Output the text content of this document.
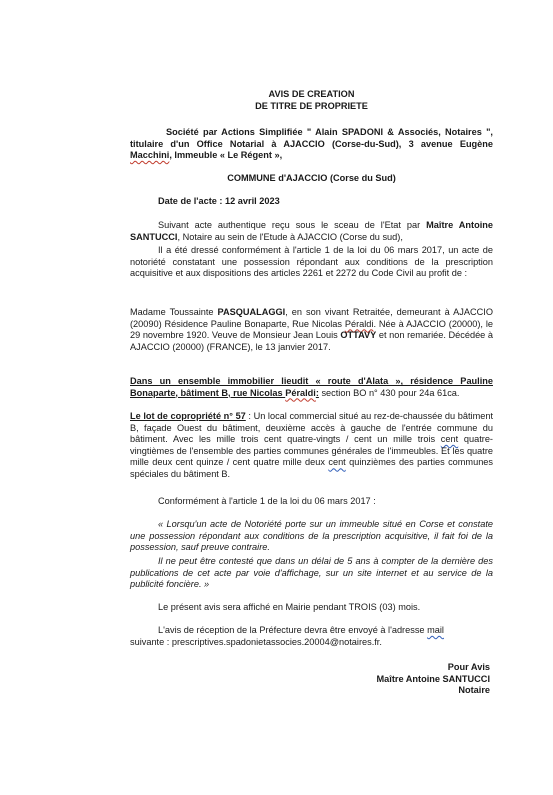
AVIS DE CREATION
DE TITRE DE PROPRIETE

Société par Actions Simplifiée " Alain SPADONI & Associés, Notaires ", titulaire d'un Office Notarial à AJACCIO (Corse-du-Sud), 3 avenue Eugène Macchini, Immeuble « Le Régent »,

COMMUNE d'AJACCIO (Corse du Sud)

Date de l'acte : 12 avril 2023

Suivant acte authentique reçu sous le sceau de l'Etat par Maître Antoine SANTUCCI, Notaire au sein de l'Etude à AJACCIO (Corse du sud),

Il a été dressé conformément à l'article 1 de la loi du 06 mars 2017, un acte de notoriété constatant une possession répondant aux conditions de la prescription acquisitive et aux dispositions des articles 2261 et 2272 du Code Civil au profit de :

Madame Toussainte PASQUALAGGI, en son vivant Retraitée, demeurant à AJACCIO (20090) Résidence Pauline Bonaparte, Rue Nicolas Péraldi. Née à AJACCIO (20000), le 29 novembre 1920. Veuve de Monsieur Jean Louis OTTAVY et non remariée. Décédée à AJACCIO (20000) (FRANCE), le 13 janvier 2017.

Dans un ensemble immobilier lieudit « route d'Alata », résidence Pauline Bonaparte, bâtiment B, rue Nicolas Péraldi: section BO n° 430 pour 24a 61ca.

Le lot de copropriété n° 57 : Un local commercial situé au rez-de-chaussée du bâtiment B, façade Ouest du bâtiment, deuxième accès à gauche de l'entrée commune du bâtiment. Avec les mille trois cent quatre-vingts / cent un mille trois cent quatre-vingtièmes de l'ensemble des parties communes générales de l'immeubles. Et les quatre mille deux cent quinze / cent quatre mille deux cent quinzièmes des parties communes spéciales du bâtiment B.

Conformément à l'article 1 de la loi du 06 mars 2017 :

« Lorsqu'un acte de Notoriété porte sur un immeuble situé en Corse et constate une possession répondant aux conditions de la prescription acquisitive, il fait foi de la possession, sauf preuve contraire.

Il ne peut être contesté que dans un délai de 5 ans à compter de la dernière des publications de cet acte par voie d'affichage, sur un site internet et au service de la publicité foncière. »

Le présent avis sera affiché en Mairie pendant TROIS (03) mois.

L'avis de réception de la Préfecture devra être envoyé à l'adresse mail
suivante : prescriptives.spadonietassocies.20004@notaires.fr.

Pour Avis
Maître Antoine SANTUCCI
Notaire
